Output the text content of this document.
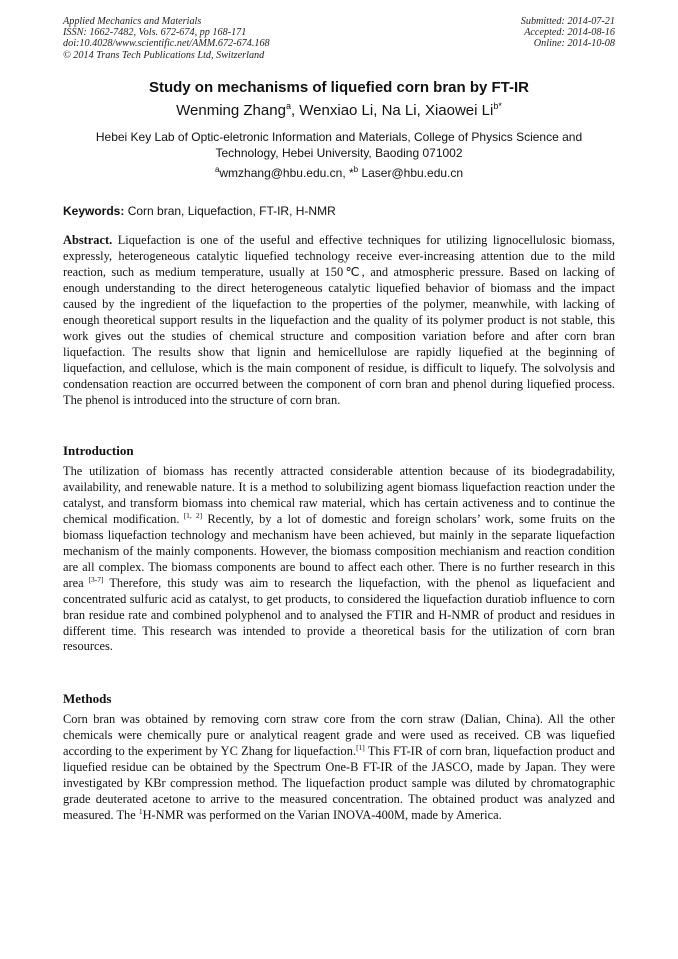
Applied Mechanics and Materials
ISSN: 1662-7482, Vols. 672-674, pp 168-171
doi:10.4028/www.scientific.net/AMM.672-674.168
© 2014 Trans Tech Publications Ltd, Switzerland
Submitted: 2014-07-21
Accepted: 2014-08-16
Online: 2014-10-08
Study on mechanisms of liquefied corn bran by FT-IR
Wenming Zhang$^a$, Wenxiao Li, Na Li, Xiaowei $Li^{b*}$
Hebei Key Lab of Optic-eletronic Information and Materials, College of Physics Science and Technology, Hebei University, Baoding 071002
$^a$wmzhang@hbu.edu.cn, *$^b$ Laser@hbu.edu.cn
Keywords: Corn bran, Liquefaction, FT-IR, H-NMR
Abstract. Liquefaction is one of the useful and effective techniques for utilizing lignocellulosic biomass, expressly, heterogeneous catalytic liquefied technology receive ever-increasing attention due to the mild reaction, such as medium temperature, usually at 150℃, and atmospheric pressure. Based on lacking of enough understanding to the direct heterogeneous catalytic liquefied behavior of biomass and the impact caused by the ingredient of the liquefaction to the properties of the polymer, meanwhile, with lacking of enough theoretical support results in the liquefaction and the quality of its polymer product is not stable, this work gives out the studies of chemical structure and composition variation before and after corn bran liquefaction. The results show that lignin and hemicellulose are rapidly liquefied at the beginning of liquefaction, and cellulose, which is the main component of residue, is difficult to liquefy. The solvolysis and condensation reaction are occurred between the component of corn bran and phenol during liquefied process. The phenol is introduced into the structure of corn bran.
Introduction
The utilization of biomass has recently attracted considerable attention because of its biodegradability, availability, and renewable nature. It is a method to solubilizing agent biomass liquefaction reaction under the catalyst, and transform biomass into chemical raw material, which has certain activeness and to continue the chemical modification. [1, 2] Recently, by a lot of domestic and foreign scholars’ work, some fruits on the biomass liquefaction technology and mechanism have been achieved, but mainly in the separate liquefaction mechanism of the mainly components. However, the biomass composition mechianism and reaction condition are all complex. The biomass components are bound to affect each other. There is no further research in this area [3-7] Therefore, this study was aim to research the liquefaction, with the phenol as liquefacient and concentrated sulfuric acid as catalyst, to get products, to considered the liquefaction duratiob influence to corn bran residue rate and combined polyphenol and to analysed the FTIR and H-NMR of product and residues in different time. This research was intended to provide a theoretical basis for the utilization of corn bran resources.
Methods
Corn bran was obtained by removing corn straw core from the corn straw (Dalian, China). All the other chemicals were chemically pure or analytical reagent grade and were used as received. CB was liquefied according to the experiment by YC Zhang for liquefaction.[1] This FT-IR of corn bran, liquefaction product and liquefied residue can be obtained by the Spectrum One-B FT-IR of the JASCO, made by Japan. They were investigated by KBr compression method. The liquefaction product sample was diluted by chromatographic grade deuterated acetone to arrive to the measured concentration. The obtained product was analyzed and measured. The $^1$H-NMR was performed on the Varian INOVA-400M, made by America.
